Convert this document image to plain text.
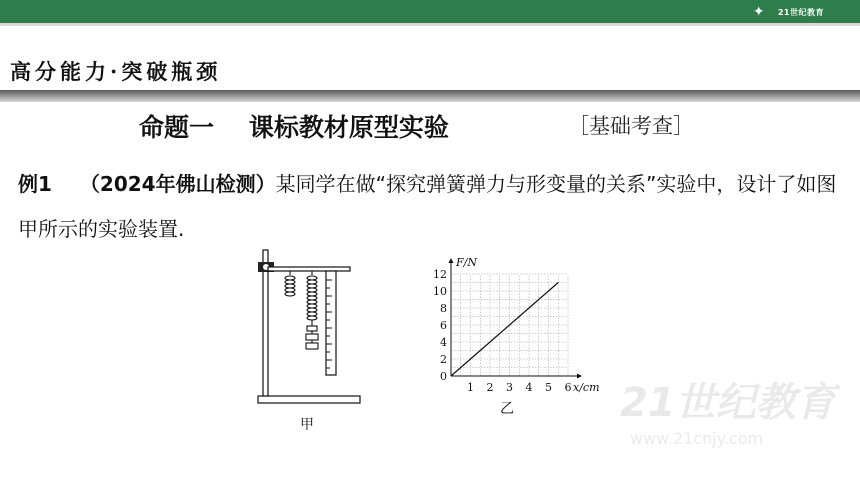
✦	21世纪教育
高分能力·突破瓶颈
命题一    课标教材原型实验	［基础考查］
例1 （2024年佛山检测）某同学在做“探究弹簧弹力与形变量的关系”实验中，设计了如图甲所示的实验装置.
甲
0
2
4
6
8
10
12
1 2 3 4 5 6
F/N
x/cm
乙	21世纪教育
www.21cnjy.com
